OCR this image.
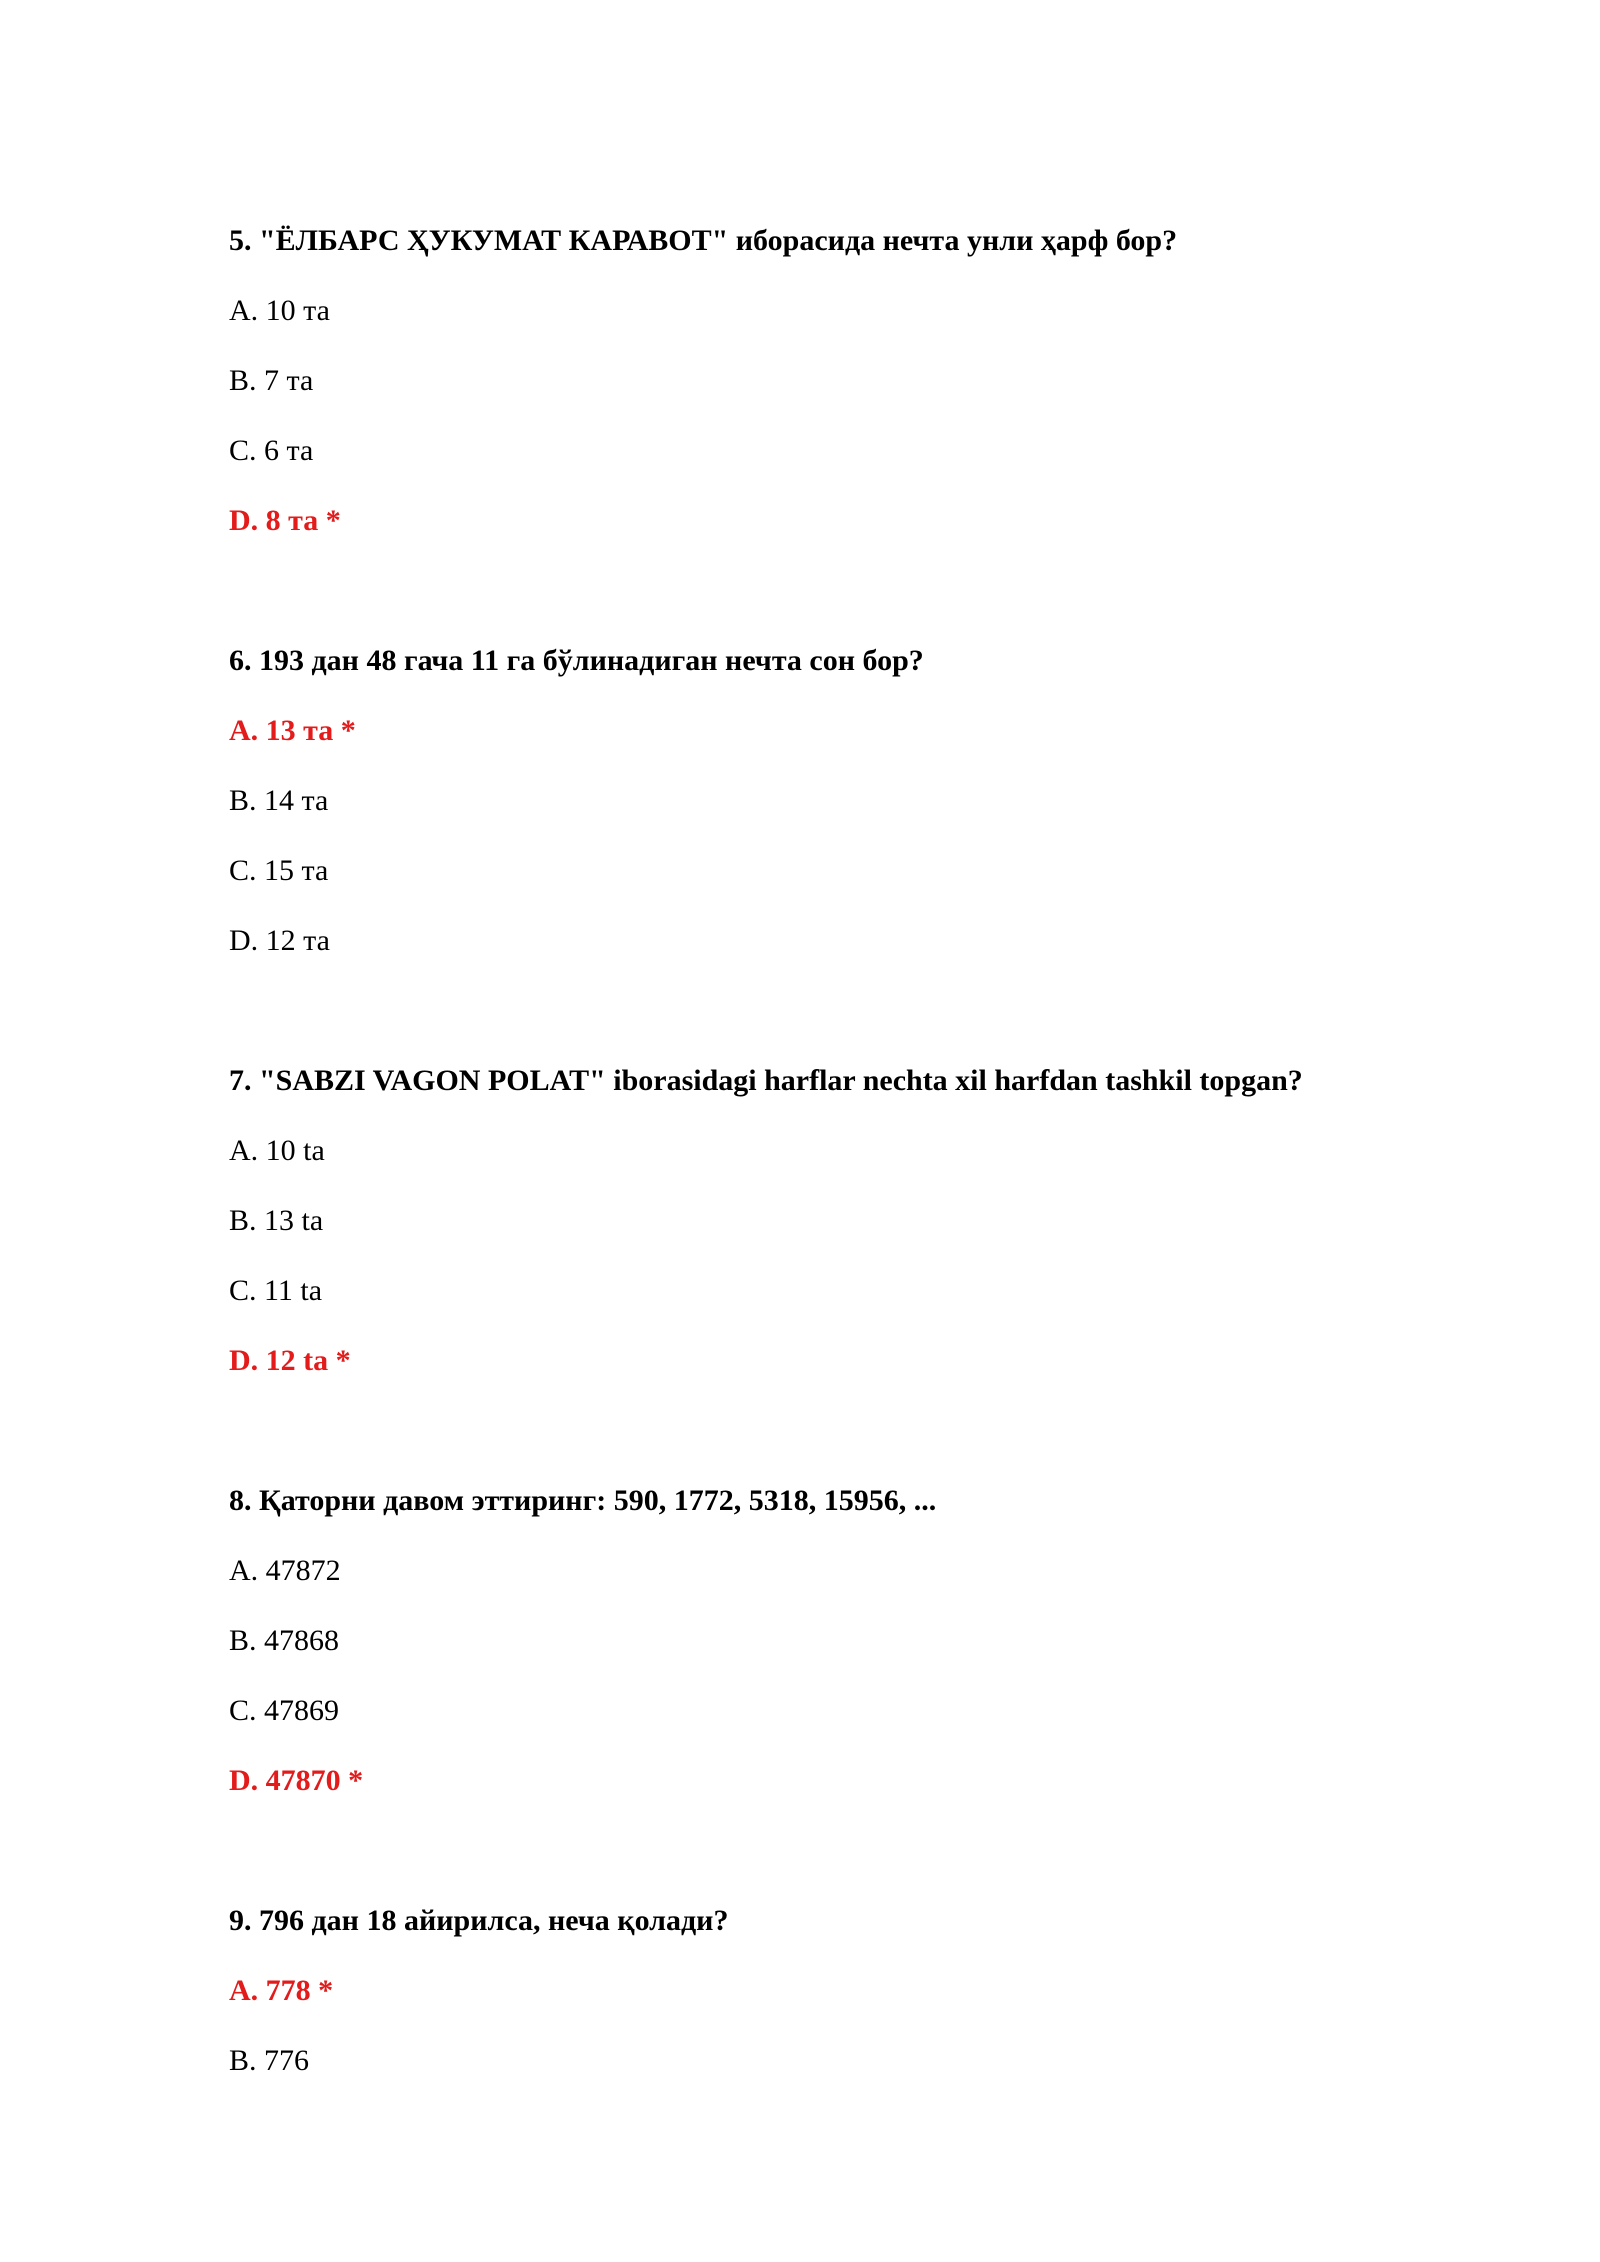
5. "ЁЛБАРС ҲУКУМАТ КАРАВОТ" иборасида нечта унли ҳарф бор?
A. 10 та
B. 7 та
C. 6 та
D. 8 та *
6. 193 дан 48 гача 11 га бўлинадиган нечта сон бор?
A. 13 та *
B. 14 та
C. 15 та
D. 12 та
7. "SABZI VAGON POLAT" iborasidagi harflar nechta xil harfdan tashkil topgan?
A. 10 ta
B. 13 ta
C. 11 ta
D. 12 ta *
8. Қаторни давом эттиринг: 590, 1772, 5318, 15956, ...
A. 47872
B. 47868
C. 47869
D. 47870 *
9. 796 дан 18 айирилса, неча қолади?
A. 778 *
B. 776
